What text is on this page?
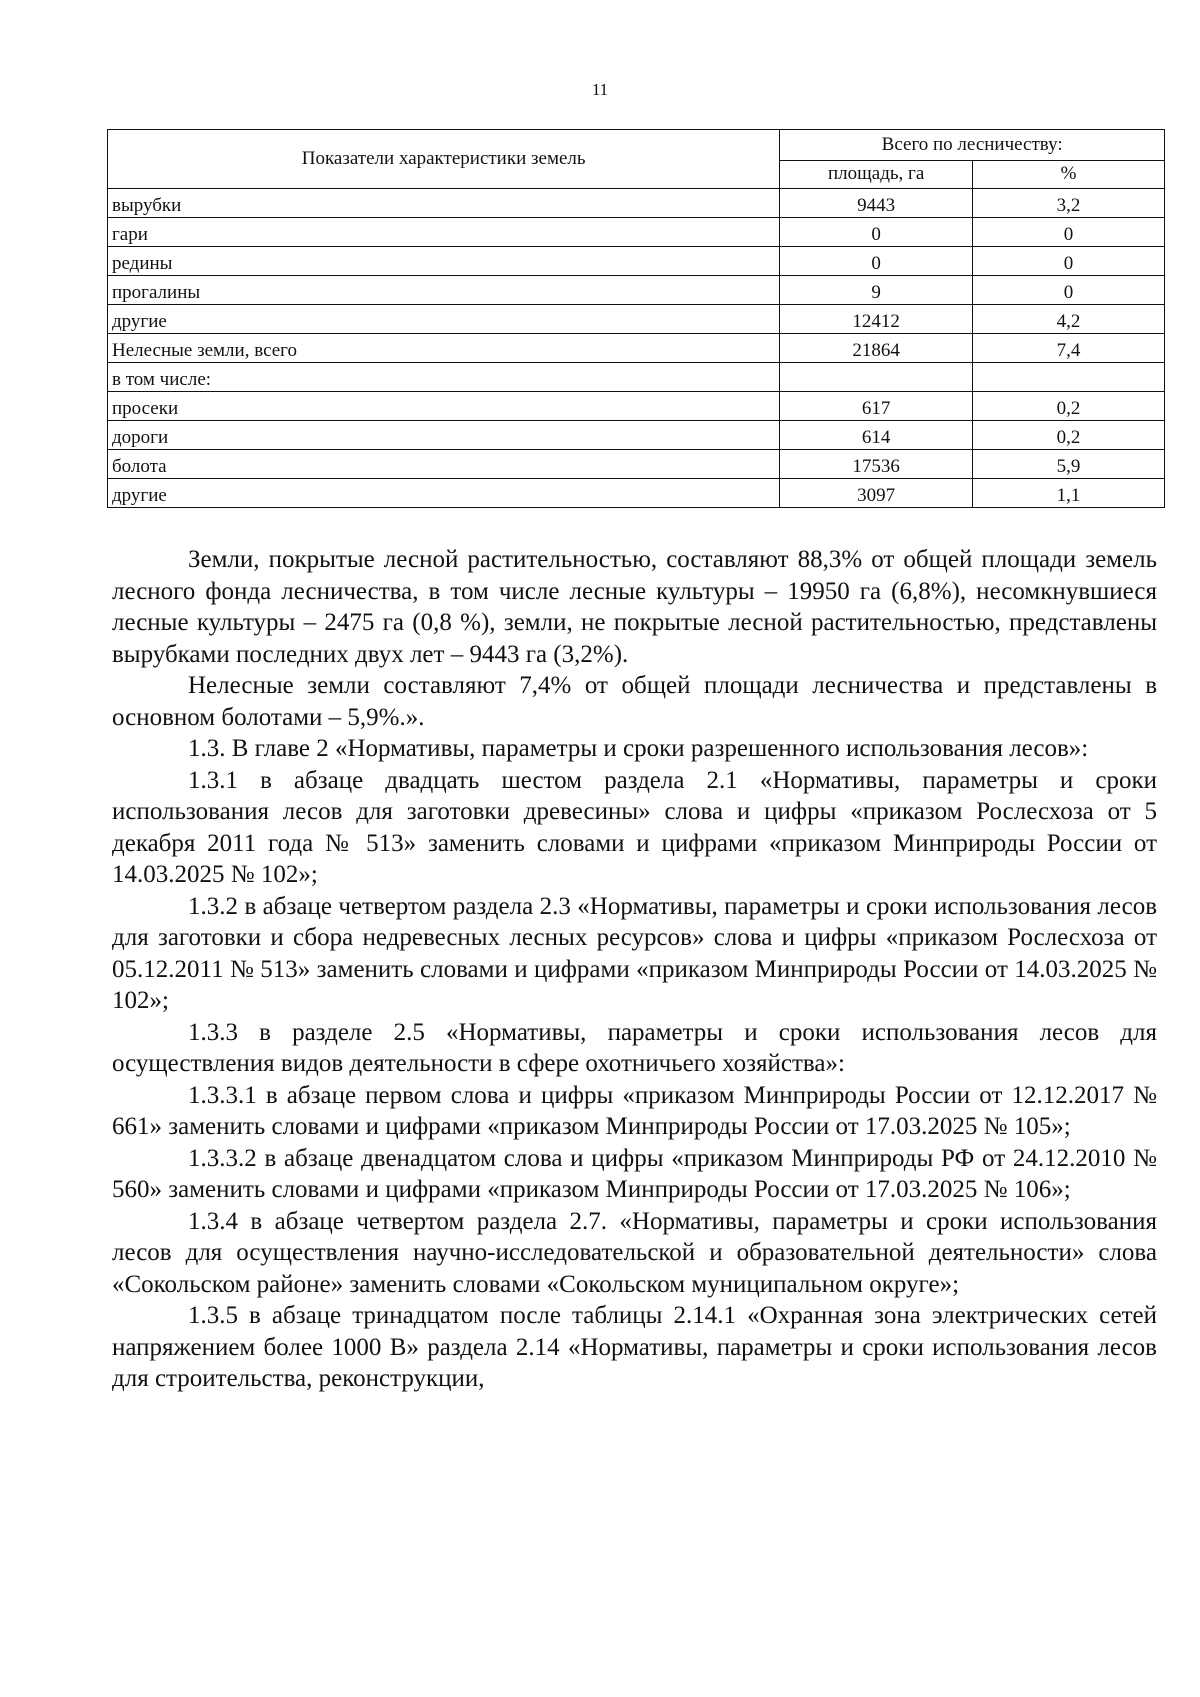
11
Показатели характеристики земель	Всего по лесничеству:	
	площадь, га	%
вырубки	9443	3,2
гари	0	0
редины	0	0
прогалины	9	0
другие	12412	4,2
Нелесные земли, всего	21864	7,4
в том числе:		
просеки	617	0,2
дороги	614	0,2
болота	17536	5,9
другие	3097	1,1

Земли, покрытые лесной растительностью, составляют 88,3% от общей площади земель лесного фонда лесничества, в том числе лесные культуры – 19950 га (6,8%), несомкнувшиеся лесные культуры – 2475 га (0,8 %), земли, не покрытые лесной растительностью, представлены вырубками последних двух лет – 9443 га (3,2%).

Нелесные земли составляют 7,4% от общей площади лесничества и представлены в основном болотами – 5,9%.».

1.3. В главе 2 «Нормативы, параметры и сроки разрешенного использования лесов»:

1.3.1 в абзаце двадцать шестом раздела 2.1 «Нормативы, параметры и сроки использования лесов для заготовки древесины» слова и цифры «приказом Рослесхоза от 5 декабря 2011 года № 513» заменить словами и цифрами «приказом Минприроды России от 14.03.2025 № 102»;

1.3.2 в абзаце четвертом раздела 2.3 «Нормативы, параметры и сроки использования лесов для заготовки и сбора недревесных лесных ресурсов» слова и цифры «приказом Рослесхоза от 05.12.2011 № 513» заменить словами и цифрами «приказом Минприроды России от 14.03.2025 № 102»;

1.3.3 в разделе 2.5 «Нормативы, параметры и сроки использования лесов для осуществления видов деятельности в сфере охотничьего хозяйства»:

1.3.3.1 в абзаце первом слова и цифры «приказом Минприроды России от 12.12.2017 № 661» заменить словами и цифрами «приказом Минприроды России от 17.03.2025 № 105»;

1.3.3.2 в абзаце двенадцатом слова и цифры «приказом Минприроды РФ от 24.12.2010 № 560» заменить словами и цифрами «приказом Минприроды России от 17.03.2025 № 106»;

1.3.4 в абзаце четвертом раздела 2.7. «Нормативы, параметры и сроки использования лесов для осуществления научно-исследовательской и образовательной деятельности» слова «Сокольском районе» заменить словами «Сокольском муниципальном округе»;

1.3.5 в абзаце тринадцатом после таблицы 2.14.1 «Охранная зона электрических сетей напряжением более 1000 В» раздела 2.14 «Нормативы, параметры и сроки использования лесов для строительства, реконструкции,
